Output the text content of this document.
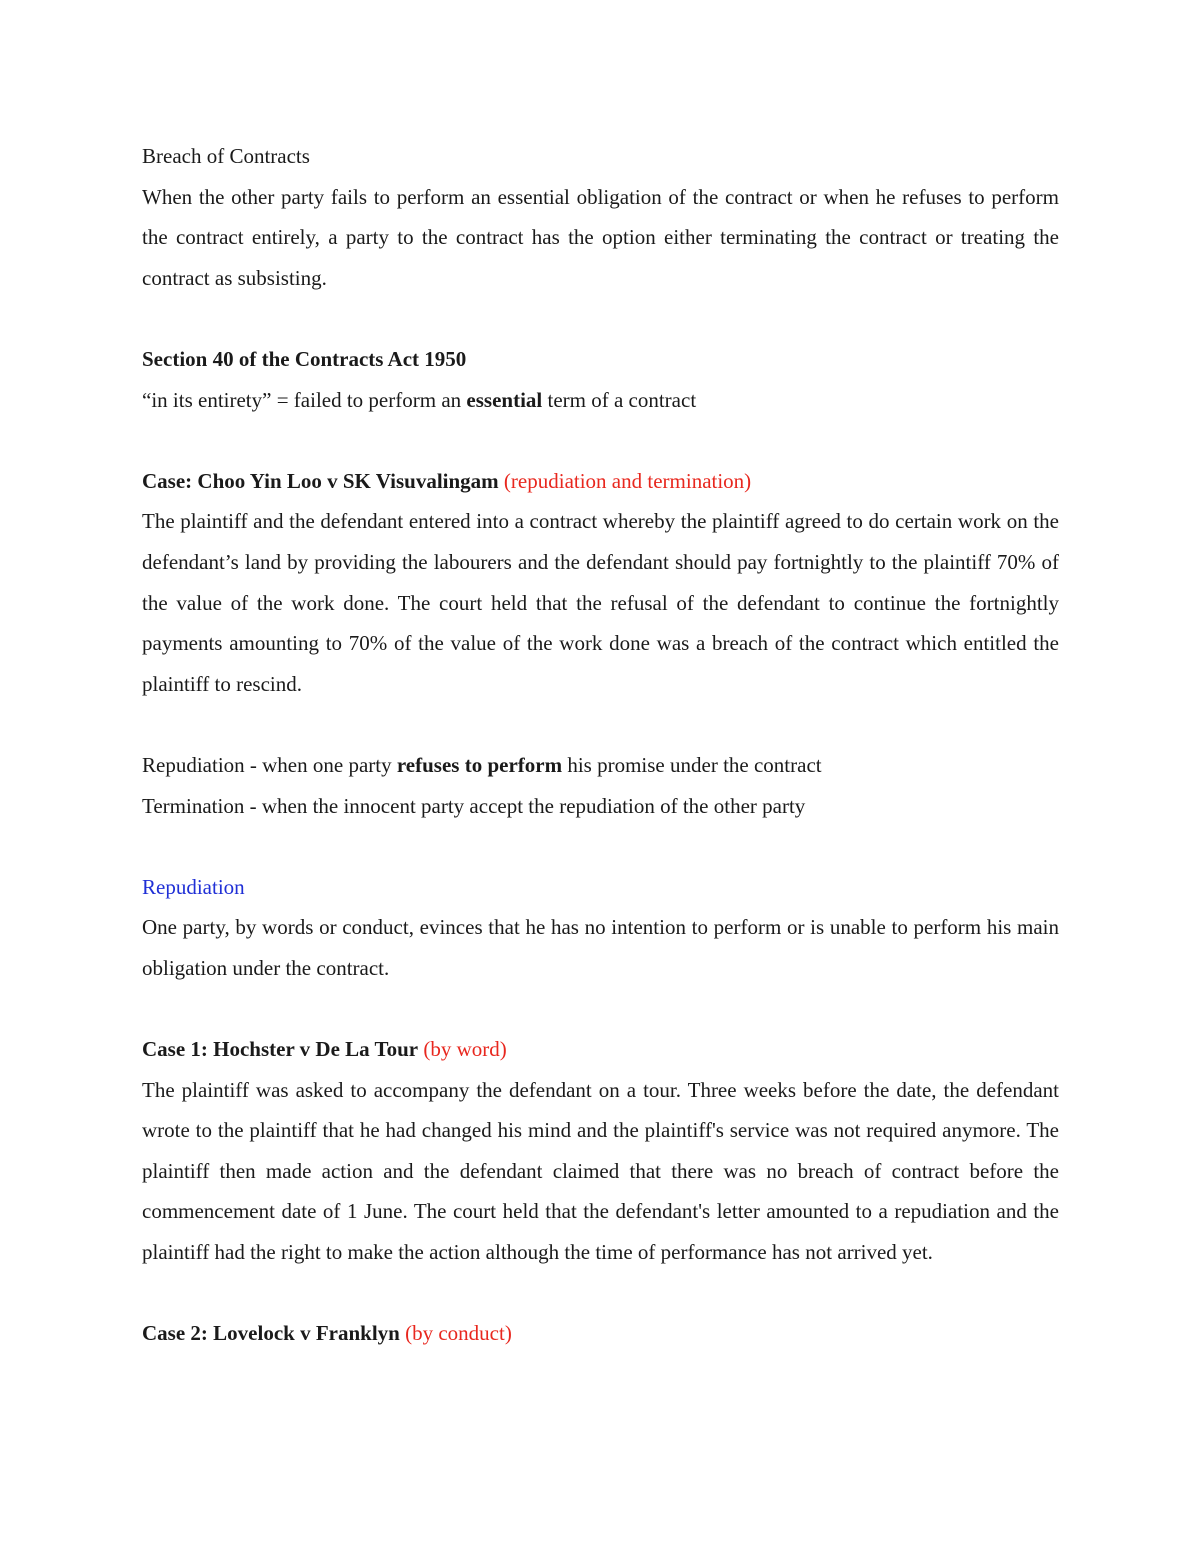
Breach of Contracts

When the other party fails to perform an essential obligation of the contract or when he refuses to perform the contract entirely, a party to the contract has the option either terminating the contract or treating the contract as subsisting.

Section 40 of the Contracts Act 1950
“in its entirety” = failed to perform an essential term of a contract
Case: Choo Yin Loo v SK Visuvalingam (repudiation and termination)

The plaintiff and the defendant entered into a contract whereby the plaintiff agreed to do certain work on the defendant’s land by providing the labourers and the defendant should pay fortnightly to the plaintiff 70% of the value of the work done. The court held that the refusal of the defendant to continue the fortnightly payments amounting to 70% of the value of the work done was a breach of the contract which entitled the plaintiff to rescind.

Repudiation - when one party refuses to perform his promise under the contract
Termination - when the innocent party accept the repudiation of the other party
Repudiation

One party, by words or conduct, evinces that he has no intention to perform or is unable to perform his main obligation under the contract.

Case 1: Hochster v De La Tour (by word)

The plaintiff was asked to accompany the defendant on a tour. Three weeks before the date, the defendant wrote to the plaintiff that he had changed his mind and the plaintiff's service was not required anymore. The plaintiff then made action and the defendant claimed that there was no breach of contract before the commencement date of 1 June. The court held that the defendant's letter amounted to a repudiation and the plaintiff had the right to make the action although the time of performance has not arrived yet.

Case 2: Lovelock v Franklyn (by conduct)
